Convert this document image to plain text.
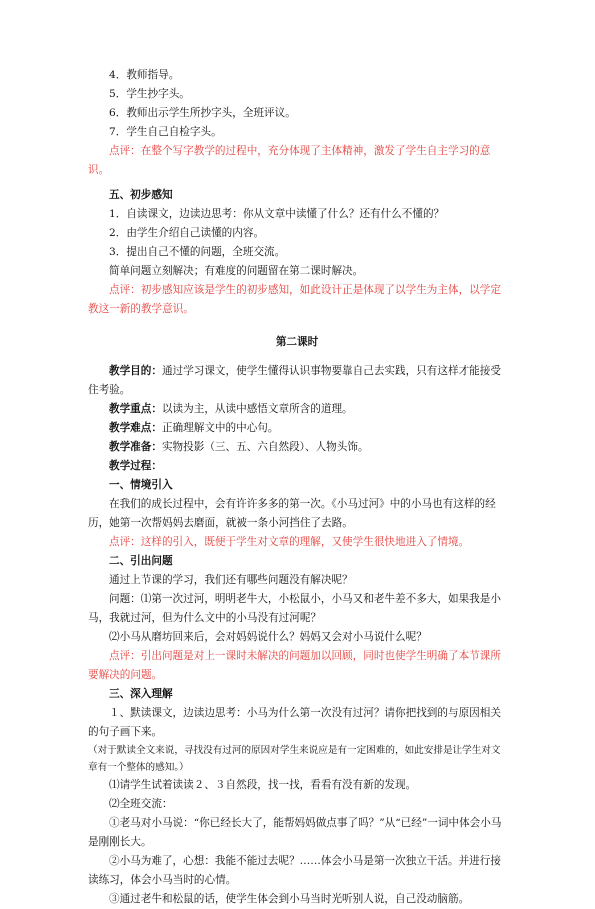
4．教师指导。

5．学生抄字头。

6．教师出示学生所抄字头，全班评议。

7．学生自己自检字头。

点评：在整个写字教学的过程中，充分体现了主体精神，激发了学生自主学习的意识。

五、初步感知

1．自读课文，边读边思考：你从文章中读懂了什么？还有什么不懂的？

2．由学生介绍自己读懂的内容。

3．提出自己不懂的问题，全班交流。

简单问题立刻解决；有难度的问题留在第二课时解决。

点评：初步感知应该是学生的初步感知，如此设计正是体现了以学生为主体，以学定教这一新的教学意识。

第二课时

教学目的：通过学习课文，使学生懂得认识事物要靠自己去实践，只有这样才能接受住考验。

教学重点：以读为主，从读中感悟文章所含的道理。

教学难点：正确理解文中的中心句。

教学准备：实物投影（三、五、六自然段）、人物头饰。

教学过程：

一、情境引入

在我们的成长过程中，会有许许多多的第一次。《小马过河》中的小马也有这样的经历，她第一次帮妈妈去磨面，就被一条小河挡住了去路。

点评：这样的引入，既便于学生对文章的理解，又使学生很快地进入了情境。

二、引出问题

通过上节课的学习，我们还有哪些问题没有解决呢？

问题：⑴第一次过河，明明老牛大，小松鼠小，小马又和老牛差不多大，如果我是小马，我就过河，但为什么文中的小马没有过河呢？

⑵小马从磨坊回来后，会对妈妈说什么？妈妈又会对小马说什么呢？

点评：引出问题是对上一课时未解决的问题加以回顾，同时也使学生明确了本节课所要解决的问题。

三、深入理解

１、默读课文，边读边思考：小马为什么第一次没有过河？请你把找到的与原因相关的句子画下来。

（对于默读全文来说，寻找没有过河的原因对学生来说应是有一定困难的，如此安排是让学生对文章有一个整体的感知。）

⑴请学生试着读读２、３自然段，找一找，看看有没有新的发现。

⑵全班交流：

①老马对小马说：“你已经长大了，能帮妈妈做点事了吗？”从“已经”一词中体会小马是刚刚长大。

②小马为难了，心想：我能不能过去呢？……体会小马是第一次独立干活。并进行接读练习，体会小马当时的心情。

③通过老牛和松鼠的话，使学生体会到小马当时光听别人说，自己没动脑筋。
